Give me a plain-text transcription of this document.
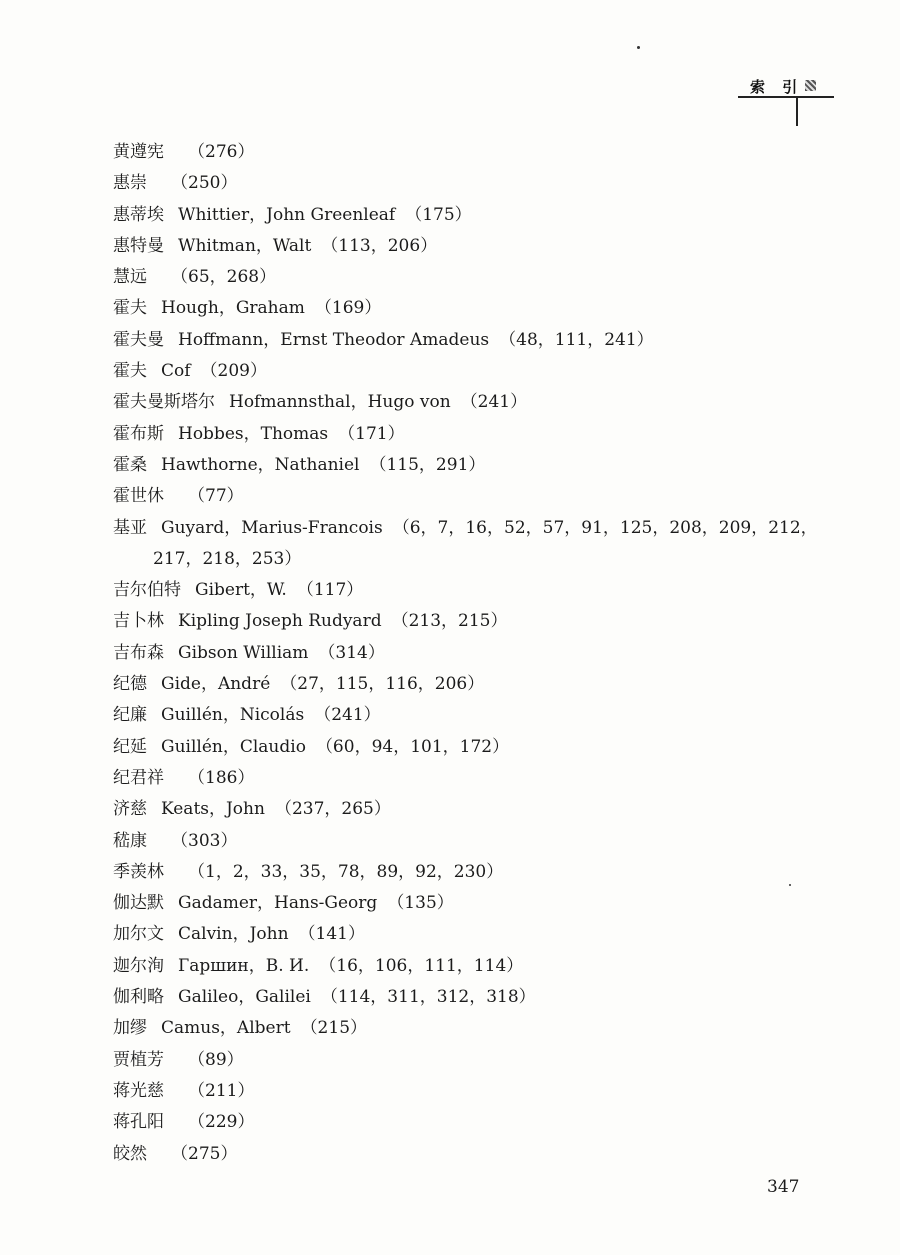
索 引
黄遵宪 （276）
惠崇 （250）
惠蒂埃 Whittier，John Greenleaf （175）
惠特曼 Whitman，Walt （113，206）
慧远 （65，268）
霍夫 Hough，Graham （169）
霍夫曼 Hoffmann，Ernst Theodor Amadeus （48，111，241）
霍夫 Cof （209）
霍夫曼斯塔尔 Hofmannsthal，Hugo von （241）
霍布斯 Hobbes，Thomas （171）
霍桑 Hawthorne，Nathaniel （115，291）
霍世休 （77）
基亚 Guyard，Marius-Francois （6，7，16，52，57，91，125，208，209，212，217，218，253）
吉尔伯特 Gibert，W. （117）
吉卜林 Kipling Joseph Rudyard （213，215）
吉布森 Gibson William （314）
纪德 Gide，André （27，115，116，206）
纪廉 Guillén，Nicolás （241）
纪延 Guillén，Claudio （60，94，101，172）
纪君祥 （186）
济慈 Keats，John （237，265）
嵇康 （303）
季羡林 （1，2，33，35，78，89，92，230）
伽达默 Gadamer，Hans-Georg （135）
加尔文 Calvin，John （141）
迦尔洵 Гаршин，В. И. （16，106，111，114）
伽利略 Galileo，Galilei （114，311，312，318）
加缪 Camus，Albert （215）
贾植芳 （89）
蒋光慈 （211）
蒋孔阳 （229）
皎然 （275）
347
